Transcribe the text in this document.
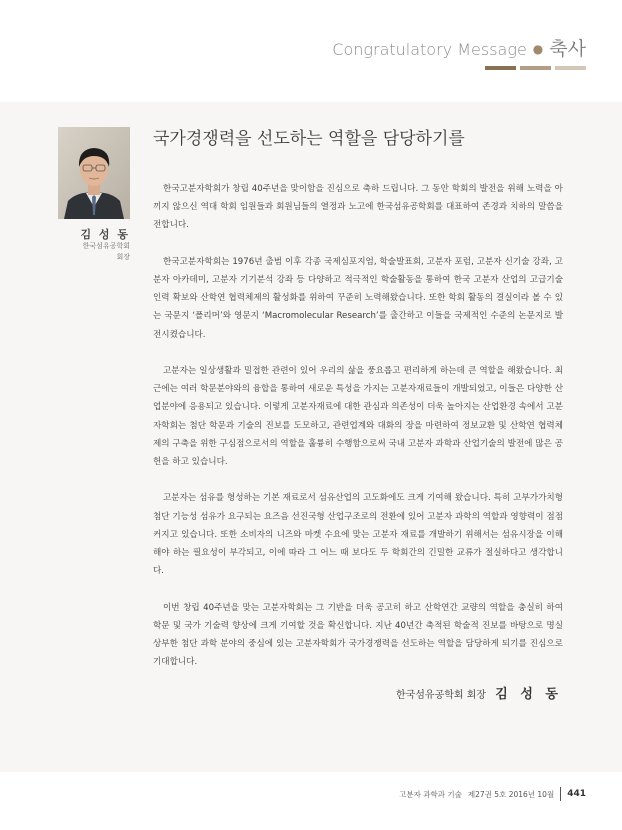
Congratulatory Message ● 축사
김 성 동
한국섬유공학회
회장
국가경쟁력을 선도하는 역할을 담당하기를

한국고분자학회가 창립 40주년을 맞이함을 진심으로 축하 드립니다. 그 동안 학회의 발전을 위해 노력을 아끼지 않으신 역대 학회 임원들과 회원님들의 열정과 노고에 한국섬유공학회를 대표하여 존경과 치하의 말씀을 전합니다.

한국고분자학회는 1976년 출범 이후 각종 국제심포지엄, 학술발표회, 고분자 포럼, 고분자 신기술 강좌, 고분자 아카데미, 고분자 기기분석 강좌 등 다양하고 적극적인 학술활동을 통하여 한국 고분자 산업의 고급기술인력 확보와 산학연 협력체제의 활성화를 위하여 꾸준히 노력해왔습니다. 또한 학회 활동의 결실이라 볼 수 있는 국문지 ‘폴리머’와 영문지 ‘Macromolecular Research’를 출간하고 이들을 국제적인 수준의 논문지로 발전시켰습니다.

고분자는 일상생활과 밀접한 관련이 있어 우리의 삶을 풍요롭고 편리하게 하는데 큰 역할을 해왔습니다. 최근에는 여러 학문분야와의 융합을 통하여 새로운 특성을 가지는 고분자재료들이 개발되었고, 이들은 다양한 산업분야에 응용되고 있습니다. 이렇게 고분자재료에 대한 관심과 의존성이 더욱 높아지는 산업환경 속에서 고분자학회는 첨단 학문과 기술의 진보를 도모하고, 관련업계와 대화의 장을 마련하여 정보교환 및 산학연 협력체제의 구축을 위한 구심점으로서의 역할을 훌륭히 수행함으로써 국내 고분자 과학과 산업기술의 발전에 많은 공헌을 하고 있습니다.

고분자는 섬유를 형성하는 기본 재료로서 섬유산업의 고도화에도 크게 기여해 왔습니다. 특히 고부가가치형 첨단 기능성 섬유가 요구되는 요즈음 선진국형 산업구조로의 전환에 있어 고분자 과학의 역할과 영향력이 점점 커지고 있습니다. 또한 소비자의 니즈와 마켓 수요에 맞는 고분자 재료를 개발하기 위해서는 섬유시장을 이해해야 하는 필요성이 부각되고, 이에 따라 그 어느 때 보다도 두 학회간의 긴밀한 교류가 절실하다고 생각합니다.

이번 창립 40주년을 맞는 고분자학회는 그 기반을 더욱 공고히 하고 산학연간 교량의 역할을 충실히 하여 학문 및 국가 기술력 향상에 크게 기여할 것을 확신합니다. 지난 40년간 축적된 학술적 진보를 바탕으로 명실상부한 첨단 과학 분야의 중심에 있는 고분자학회가 국가경쟁력을 선도하는 역할을 담당하게 되기를 진심으로 기대합니다.

한국섬유공학회 회장 김 성 동
고분자 과학과 기술 제27권 5호 2016년 10월 441
